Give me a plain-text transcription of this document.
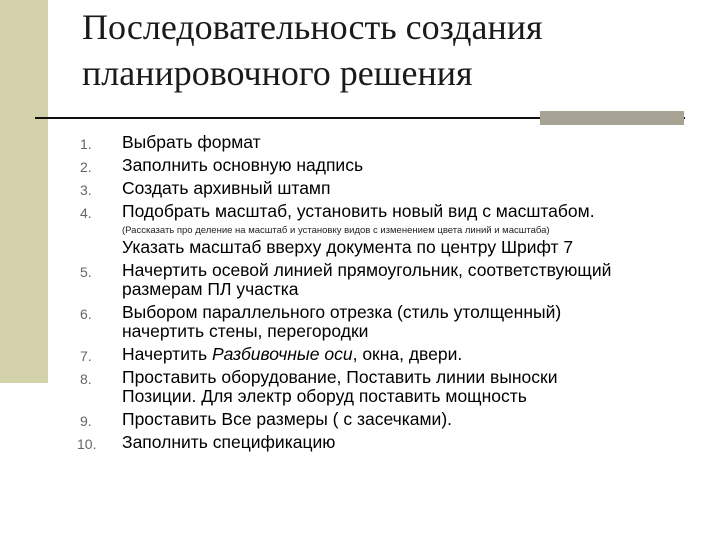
Последовательность создания
планировочного решения
1. Выбрать формат
2. Заполнить основную надпись
3. Создать архивный штамп
4. Подобрать масштаб, установить новый вид с масштабом.
(Рассказать про деление на масштаб и установку видов с изменением цвета линий и масштаба)
Указать масштаб вверху документа по центру Шрифт 7
5. Начертить осевой линией прямоугольник, соответствующий
размерам ПЛ участка
6. Выбором параллельного отрезка (стиль утолщенный)
начертить стены, перегородки
7. Начертить Разбивочные оси, окна, двери.
8. Проставить оборудование, Поставить линии выноски
Позиции. Для электр оборуд поставить мощность
9. Проставить Все размеры ( с засечками).
10. Заполнить спецификацию
